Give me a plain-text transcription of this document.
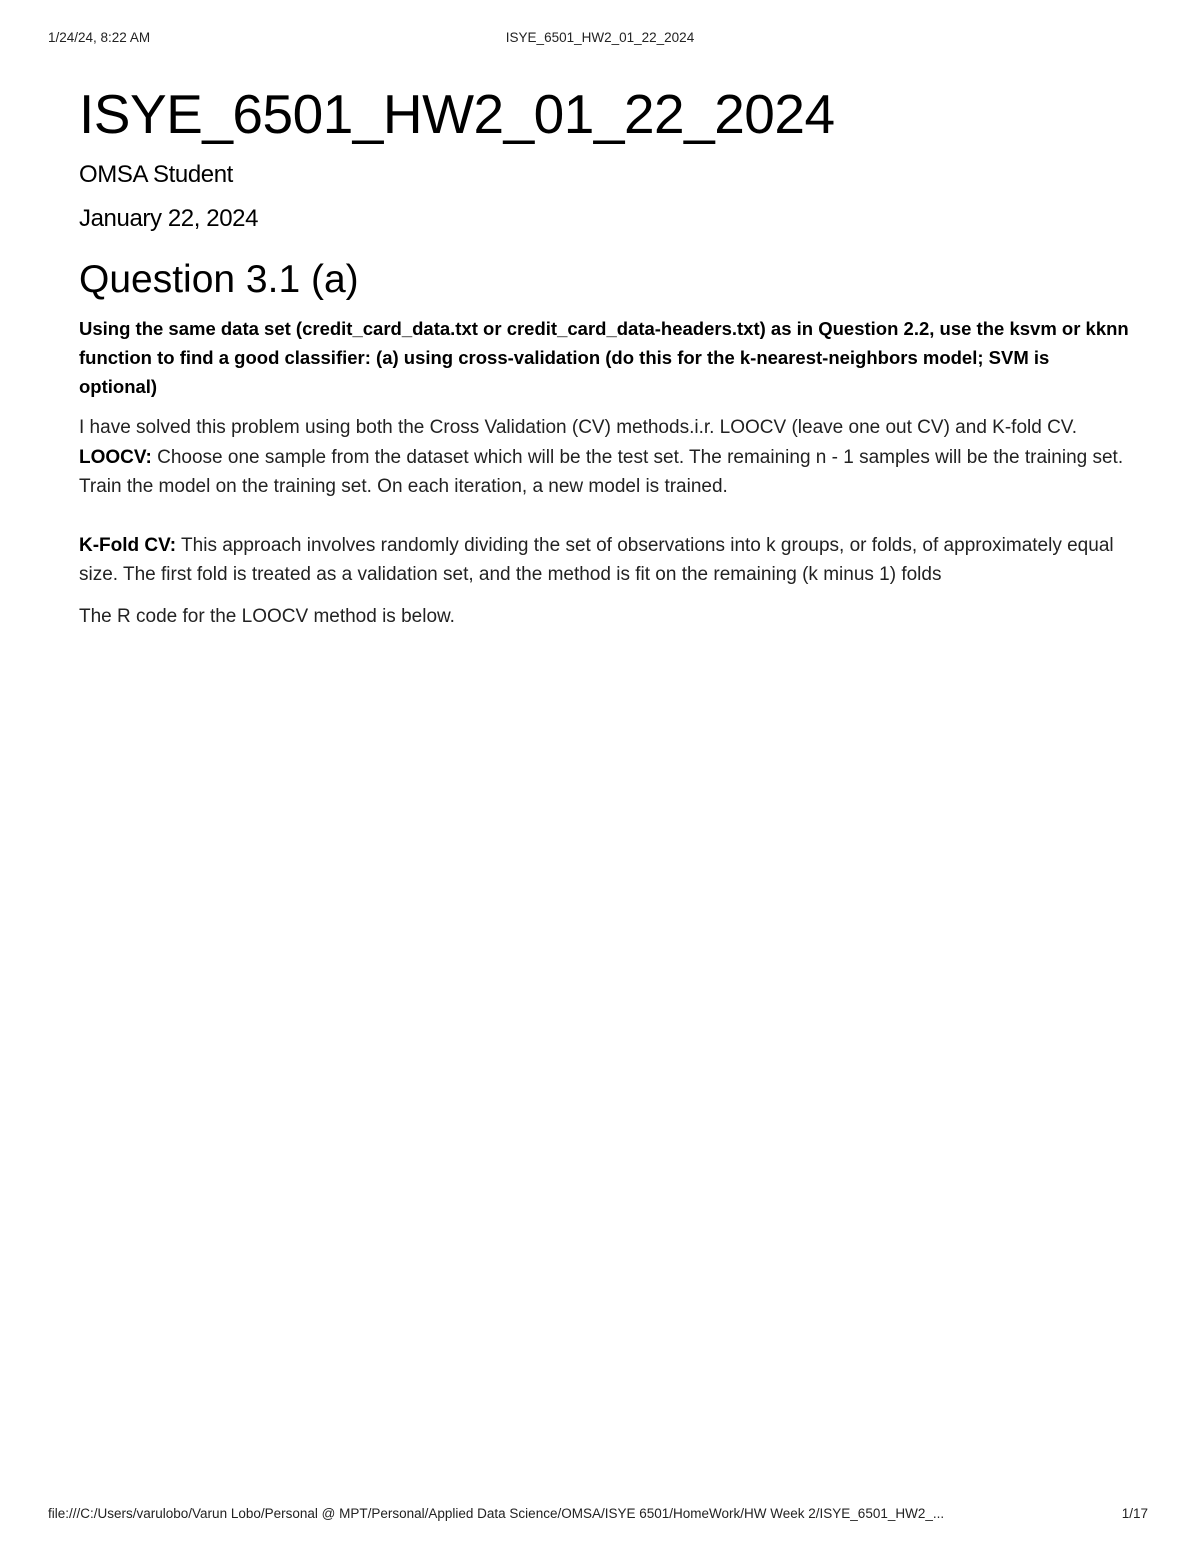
1/24/24, 8:22 AM	ISYE_6501_HW2_01_22_2024
ISYE_6501_HW2_01_22_2024
OMSA Student
January 22, 2024
Question 3.1 (a)

Using the same data set (credit_card_data.txt or credit_card_data-headers.txt) as in Question 2.2, use the ksvm or kknn function to find a good classifier: (a) using cross-validation (do this for the k-nearest-neighbors model; SVM is optional)

I have solved this problem using both the Cross Validation (CV) methods.i.r. LOOCV (leave one out CV) and K-fold CV.
LOOCV: Choose one sample from the dataset which will be the test set. The remaining n - 1 samples will be the training set. Train the model on the training set. On each iteration, a new model is trained.

K-Fold CV: This approach involves randomly dividing the set of observations into k groups, or folds, of approximately equal size. The first fold is treated as a validation set, and the method is fit on the remaining (k minus 1) folds

The R code for the LOOCV method is below.

file:///C:/Users/varulobo/Varun Lobo/Personal @ MPT/Personal/Applied Data Science/OMSA/ISYE 6501/HomeWork/HW Week 2/ISYE_6501_HW2_...	1/17
